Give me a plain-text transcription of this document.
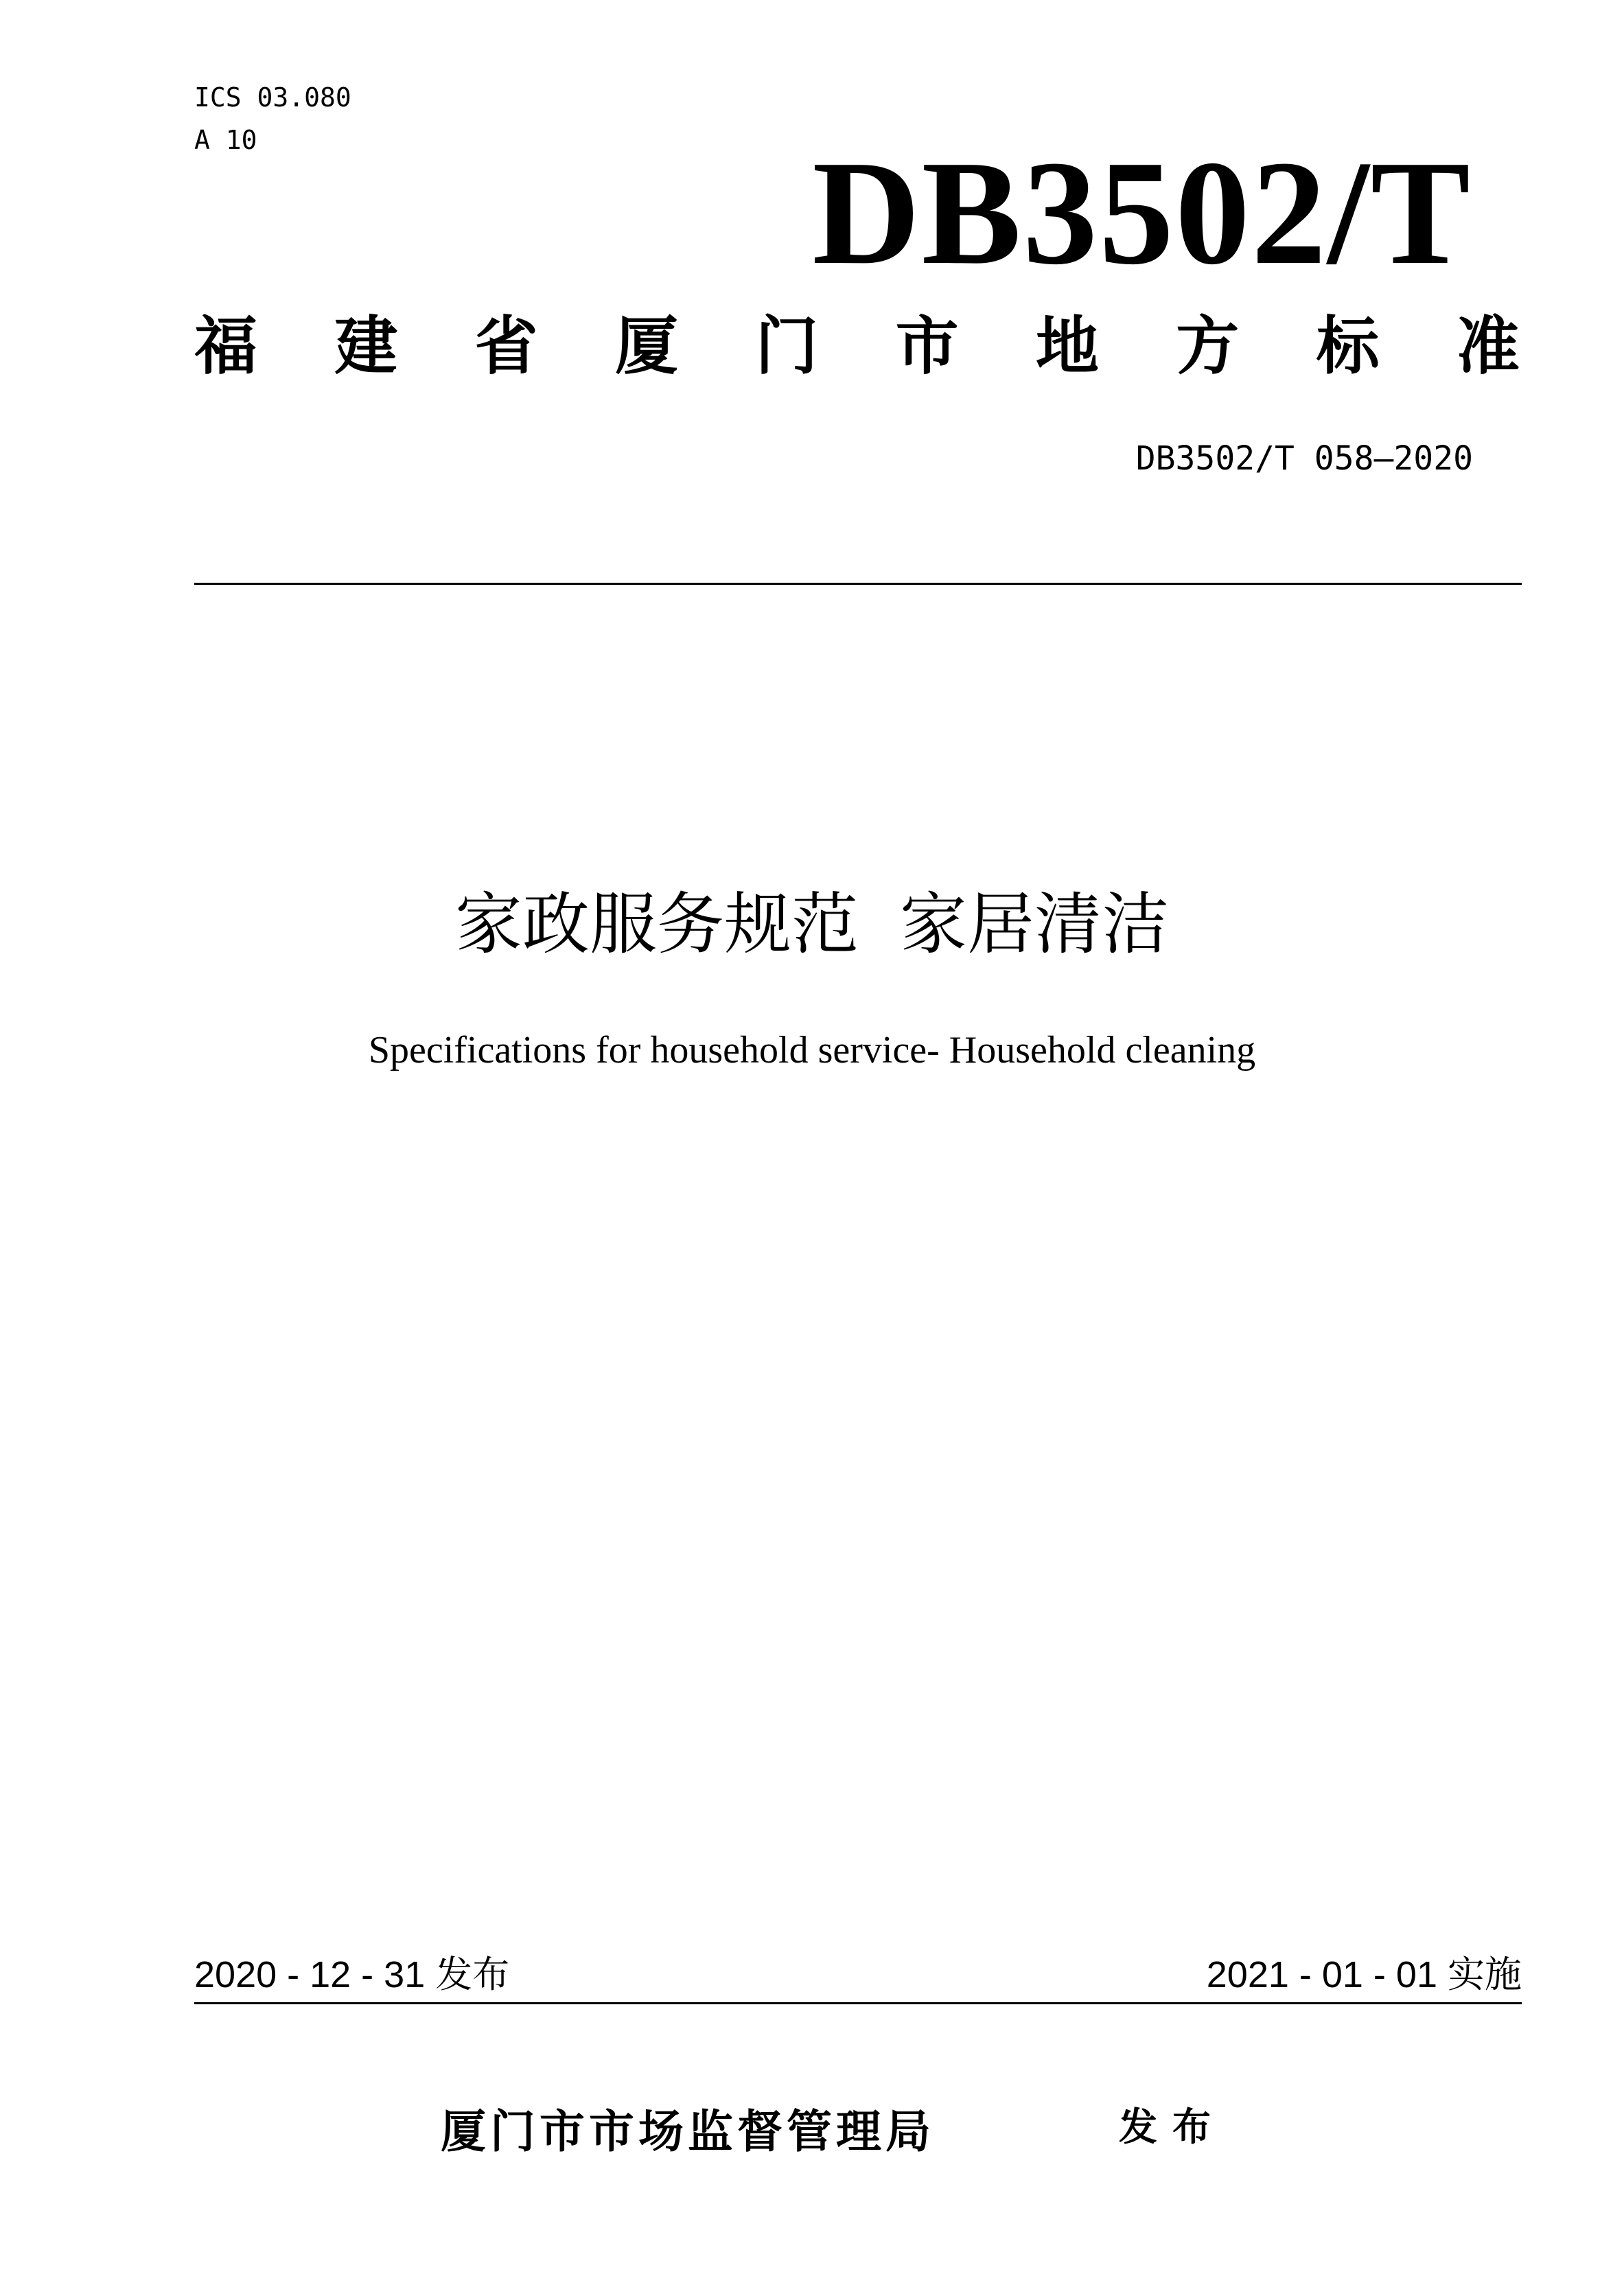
ICS 03.080
A 10	DB3502/T
福 建 省 厦 门 市 地 方 标 准
DB3502/T 058—2020
家政服务规范 家居清洁
Specifications for household service- Household cleaning
2020 - 12 - 31 发布	2021 - 01 - 01 实施
厦门市市场监督管理局	发布
